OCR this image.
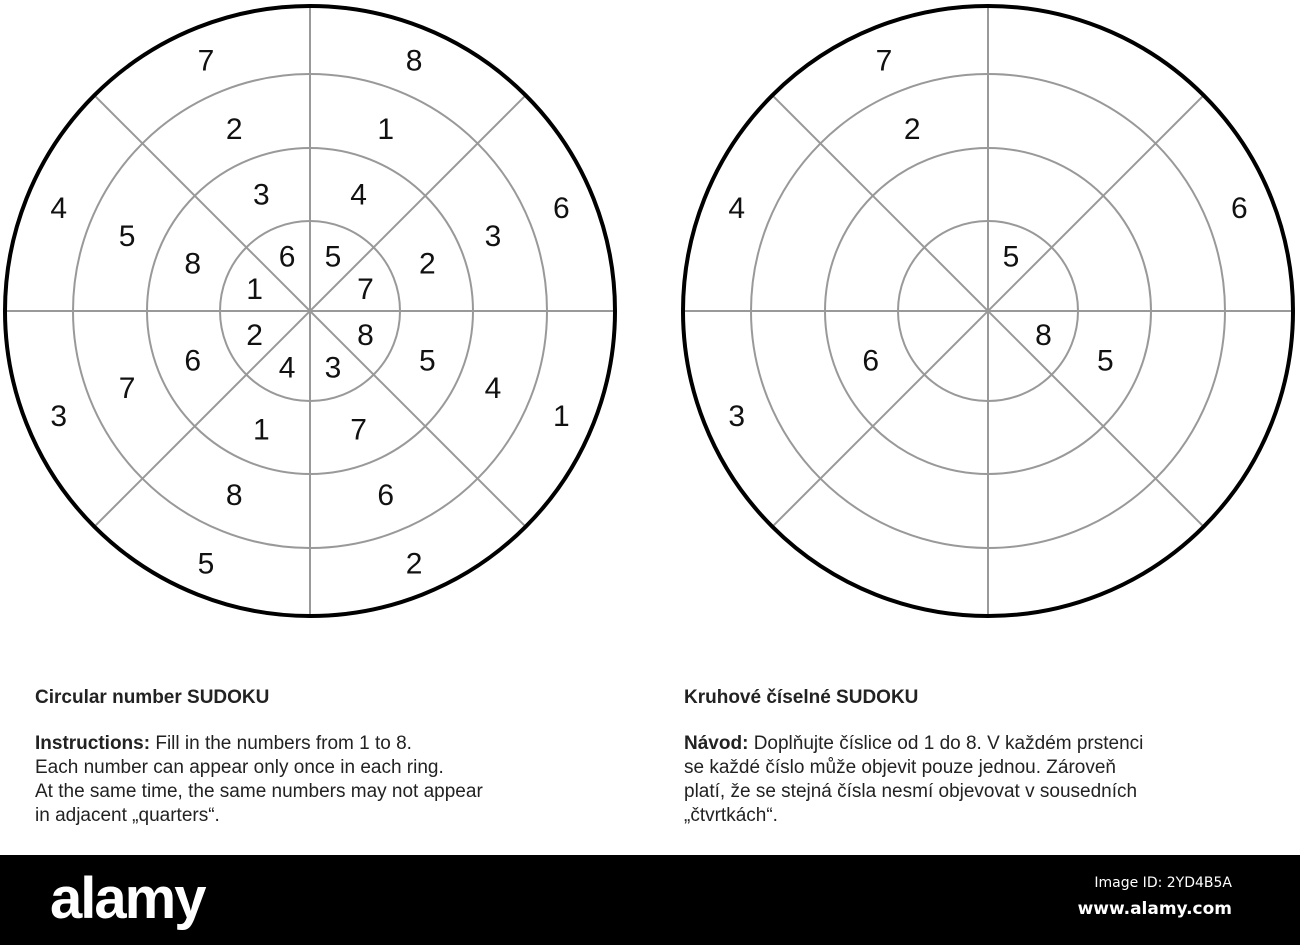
5
7
8
3
4
2
1
6
4
2
5
7
1
6
8
3
1
3
4
6
8
7
5
2
8
6
1
2
5
3
4
7
5
8
5
6
2
6
3
4
7
Circular number SUDOKU
Instructions: Fill in the numbers from 1 to 8.
Each number can appear only once in each ring.
At the same time, the same numbers may not appear
in adjacent „quarters“.
Kruhové číselné SUDOKU
Návod: Doplňujte číslice od 1 do 8. V každém prstenci
se každé číslo může objevit pouze jednou. Zároveň
platí, že se stejná čísla nesmí objevovat v sousedních
„čtvrtkách“.
alamy	Image ID: 2YD4B5A
www.alamy.com
